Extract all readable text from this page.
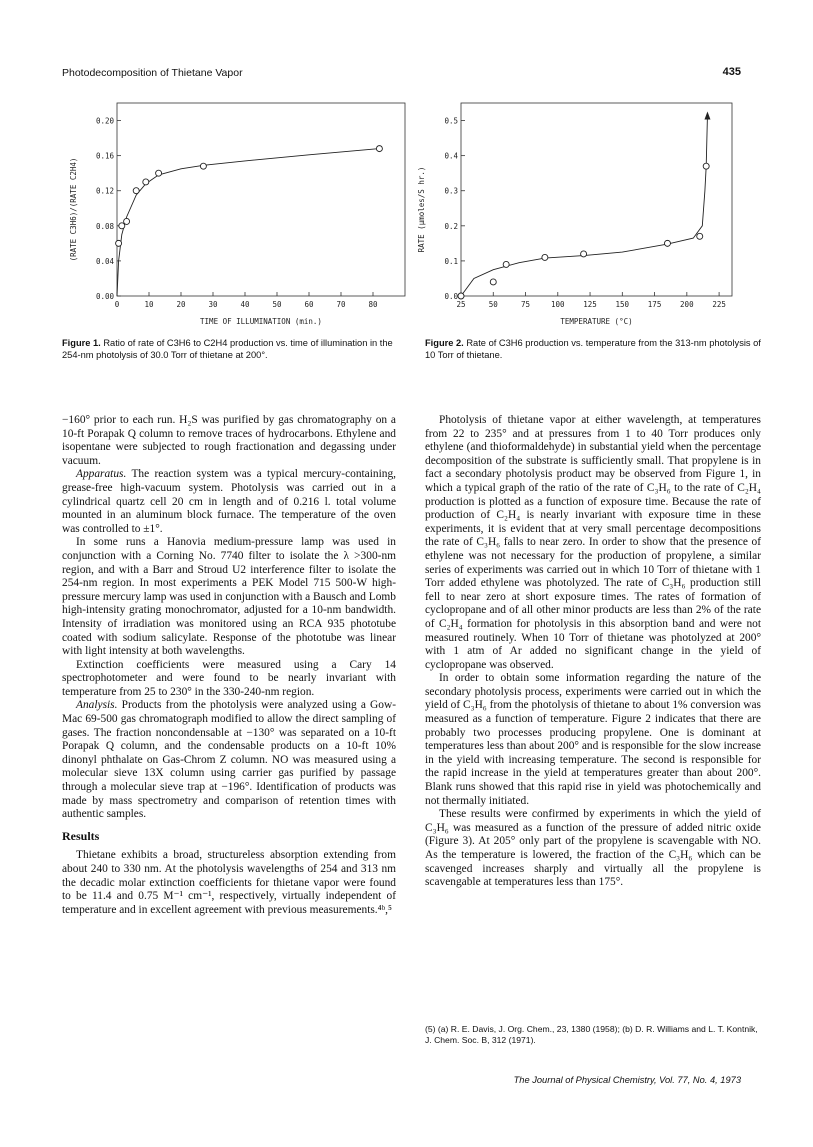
Photodecomposition of Thietane Vapor	435
0	10	20	30	40	50	60	70	80
0.00
0.04
0.08
0.12
0.16
0.20
TIME OF ILLUMINATION (min.)
(RATE C3H6)/(RATE C2H4)
Figure 1. Ratio of rate of C3H6 to C2H4 production vs. time of illumination in the 254-nm photolysis of 30.0 Torr of thietane at 200°.
25	50	75	100 125 150 175 200 225
0.0
0.1
0.2
0.3
0.4
0.5
TEMPERATURE (°C)
RATE (μmoles/S hr.)
Figure 2. Rate of C3H6 production vs. temperature from the 313-nm photolysis of 10 Torr of thietane.

−160° prior to each run. H₂S was purified by gas chromatography on a 10-ft Porapak Q column to remove traces of hydrocarbons. Ethylene and isopentane were subjected to rough fractionation and degassing under vacuum.

Apparatus. The reaction system was a typical mercury-containing, grease-free high-vacuum system. Photolysis was carried out in a cylindrical quartz cell 20 cm in length and of 0.216 l. total volume mounted in an aluminum block furnace. The temperature of the oven was controlled to ±1°.

In some runs a Hanovia medium-pressure lamp was used in conjunction with a Corning No. 7740 filter to isolate the λ >300-nm region, and with a Barr and Stroud U2 interference filter to isolate the 254-nm region. In most experiments a PEK Model 715 500-W high-pressure mercury lamp was used in conjunction with a Bausch and Lomb high-intensity grating monochromator, adjusted for a 10-nm bandwidth. Intensity of irradiation was monitored using an RCA 935 phototube coated with sodium salicylate. Response of the phototube was linear with light intensity at both wavelengths.

Extinction coefficients were measured using a Cary 14 spectrophotometer and were found to be nearly invariant with temperature from 25 to 230° in the 330-240-nm region.

Analysis. Products from the photolysis were analyzed using a Gow-Mac 69-500 gas chromatograph modified to allow the direct sampling of gases. The fraction noncondensable at −130° was separated on a 10-ft Porapak Q column, and the condensable products on a 10-ft 10% dinonyl phthalate on Gas-Chrom Z column. NO was measured using a molecular sieve 13X column using carrier gas purified by passage through a molecular sieve trap at −196°. Identification of products was made by mass spectrometry and comparison of retention times with authentic samples.

Results

Thietane exhibits a broad, structureless absorption extending from about 240 to 330 nm. At the photolysis wavelengths of 254 and 313 nm the decadic molar extinction coefficients for thietane vapor were found to be 11.4 and 0.75 M⁻¹ cm⁻¹, respectively, virtually independent of temperature and in excellent agreement with previous measurements.⁴ᵇ,⁵

Photolysis of thietane vapor at either wavelength, at temperatures from 22 to 235° and at pressures from 1 to 40 Torr produces only ethylene (and thioformaldehyde) in substantial yield when the percentage decomposition of the substrate is sufficiently small. That propylene is in fact a secondary photolysis product may be observed from Figure 1, in which a typical graph of the ratio of the rate of C₃H₆ to the rate of C₂H₄ production is plotted as a function of exposure time. Because the rate of production of C₂H₄ is nearly invariant with exposure time in these experiments, it is evident that at very small percentage decompositions the rate of C₃H₆ falls to near zero. In order to show that the presence of ethylene was not necessary for the production of propylene, a similar series of experiments was carried out in which 10 Torr of thietane with 1 Torr added ethylene was photolyzed. The rate of C₃H₆ production still fell to near zero at short exposure times. The rates of formation of cyclopropane and of all other minor products are less than 2% of the rate of C₂H₄ formation for photolysis in this absorption band and were not measured routinely. When 10 Torr of thietane was photolyzed at 200° with 1 atm of Ar added no significant change in the yield of cyclopropane was observed.

In order to obtain some information regarding the nature of the secondary photolysis process, experiments were carried out in which the yield of C₃H₆ from the photolysis of thietane to about 1% conversion was measured as a function of temperature. Figure 2 indicates that there are probably two processes producing propylene. One is dominant at temperatures less than about 200° and is responsible for the slow increase in the yield with increasing temperature. The second is responsible for the rapid increase in the yield at temperatures greater than about 200°. Blank runs showed that this rapid rise in yield was photochemically and not thermally initiated.

These results were confirmed by experiments in which the yield of C₃H₆ was measured as a function of the pressure of added nitric oxide (Figure 3). At 205° only part of the propylene is scavengable with NO. As the temperature is lowered, the fraction of the C₃H₆ which can be scavenged increases sharply and virtually all the propylene is scavengable at temperatures less than 175°.

(5) (a) R. E. Davis, J. Org. Chem., 23, 1380 (1958); (b) D. R. Williams and L. T. Kontnik, J. Chem. Soc. B, 312 (1971).
The Journal of Physical Chemistry, Vol. 77, No. 4, 1973
